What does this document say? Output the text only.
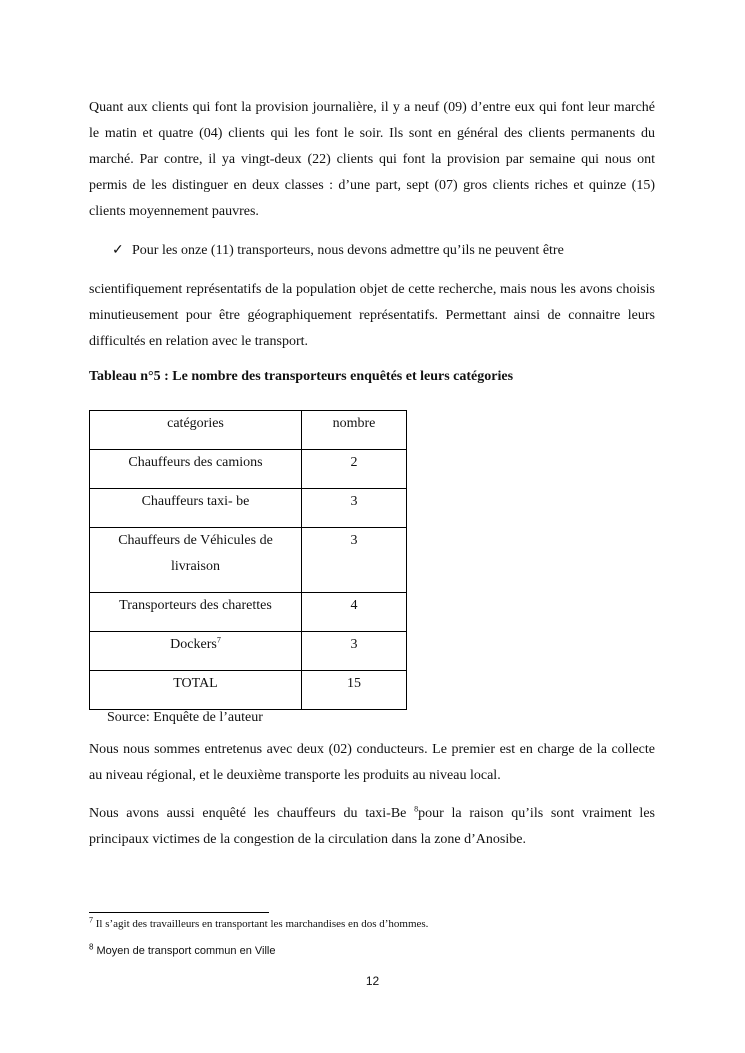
Quant aux clients qui font la provision journalière, il y a neuf (09) d’entre eux qui font leur marché le matin et quatre (04) clients qui les font le soir. Ils sont en général des clients permanents du marché. Par contre, il ya vingt-deux (22) clients qui font la provision par semaine qui nous ont permis de les distinguer en deux classes : d’une part, sept (07) gros clients riches et quinze (15) clients moyennement pauvres.

✓ Pour les onze (11) transporteurs, nous devons admettre qu’ils ne peuvent être

scientifiquement représentatifs de la population objet de cette recherche, mais nous les avons choisis minutieusement pour être géographiquement représentatifs. Permettant ainsi de connaitre leurs difficultés en relation avec le transport.

Tableau n°5 : Le nombre des transporteurs enquêtés et leurs catégories

catégories	nombre
Chauffeurs des camions	2
Chauffeurs taxi- be	3

Chauffeurs de Véhicules de livraison	3
Transporteurs des charettes	4
Dockers$^7$	3
TOTAL	15
Source: Enquête de l’auteur

Nous nous sommes entretenus avec deux (02) conducteurs. Le premier est en charge de la collecte au niveau régional, et le deuxième transporte les produits au niveau local.

Nous avons aussi enquêté les chauffeurs du taxi-Be $^8$pour la raison qu’ils sont vraiment les principaux victimes de la congestion de la circulation dans la zone d’Anosibe.

$^7$ Il s’agit des travailleurs en transportant les marchandises en dos d’hommes.
$^8$ Moyen de transport commun en Ville
12
